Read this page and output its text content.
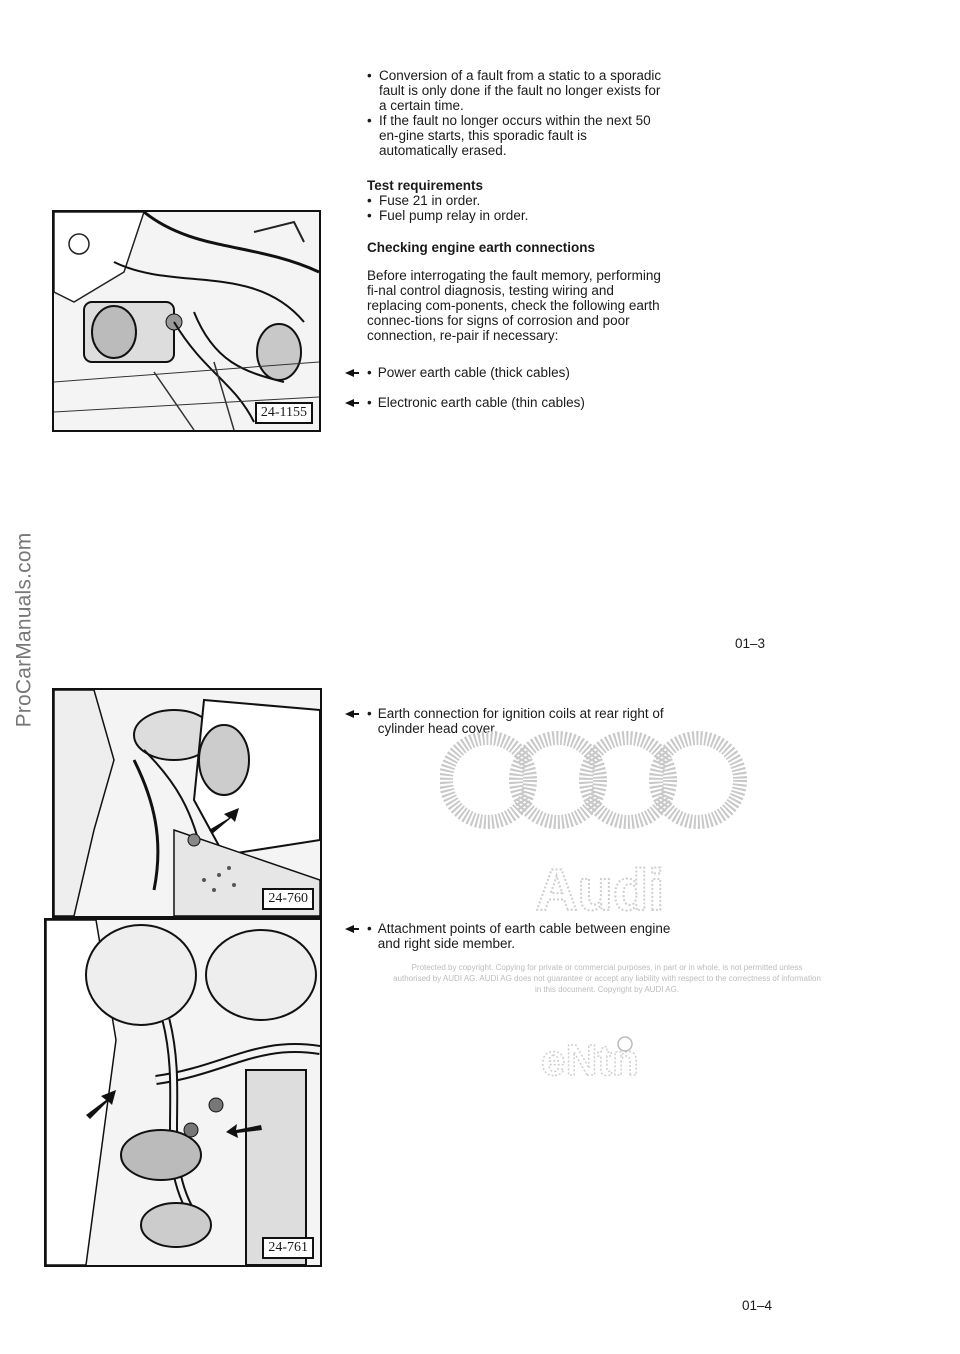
ProCarManuals.com
24-1155
• Conversion of a fault from a static to a sporadic fault is only done if the fault no longer exists for a certain time.
• If the fault no longer occurs within the next 50 en-gine starts, this sporadic fault is automatically erased.

Test requirements

• Fuse 21 in order.
• Fuel pump relay in order.

Checking engine earth connections

Before interrogating the fault memory, performing fi-nal control diagnosis, testing wiring and replacing com-ponents, check the following earth connec-tions for signs of corrosion and poor connection, re-pair if necessary:

• Power earth cable (thick cables)
• Electronic earth cable (thin cables)
01–3
24-760
• Earth connection for ignition coils at rear right of cylinder head cover.
Audi
24-761
• Attachment points of earth cable between engine and right side member.
Protected by copyright. Copying for private or commercial purposes, in part or in whole, is not permitted unless authorised by AUDI AG. AUDI AG does not guarantee or accept any liability with respect to the correctness of information in this document. Copyright by AUDI AG.
eNtn
01–4
